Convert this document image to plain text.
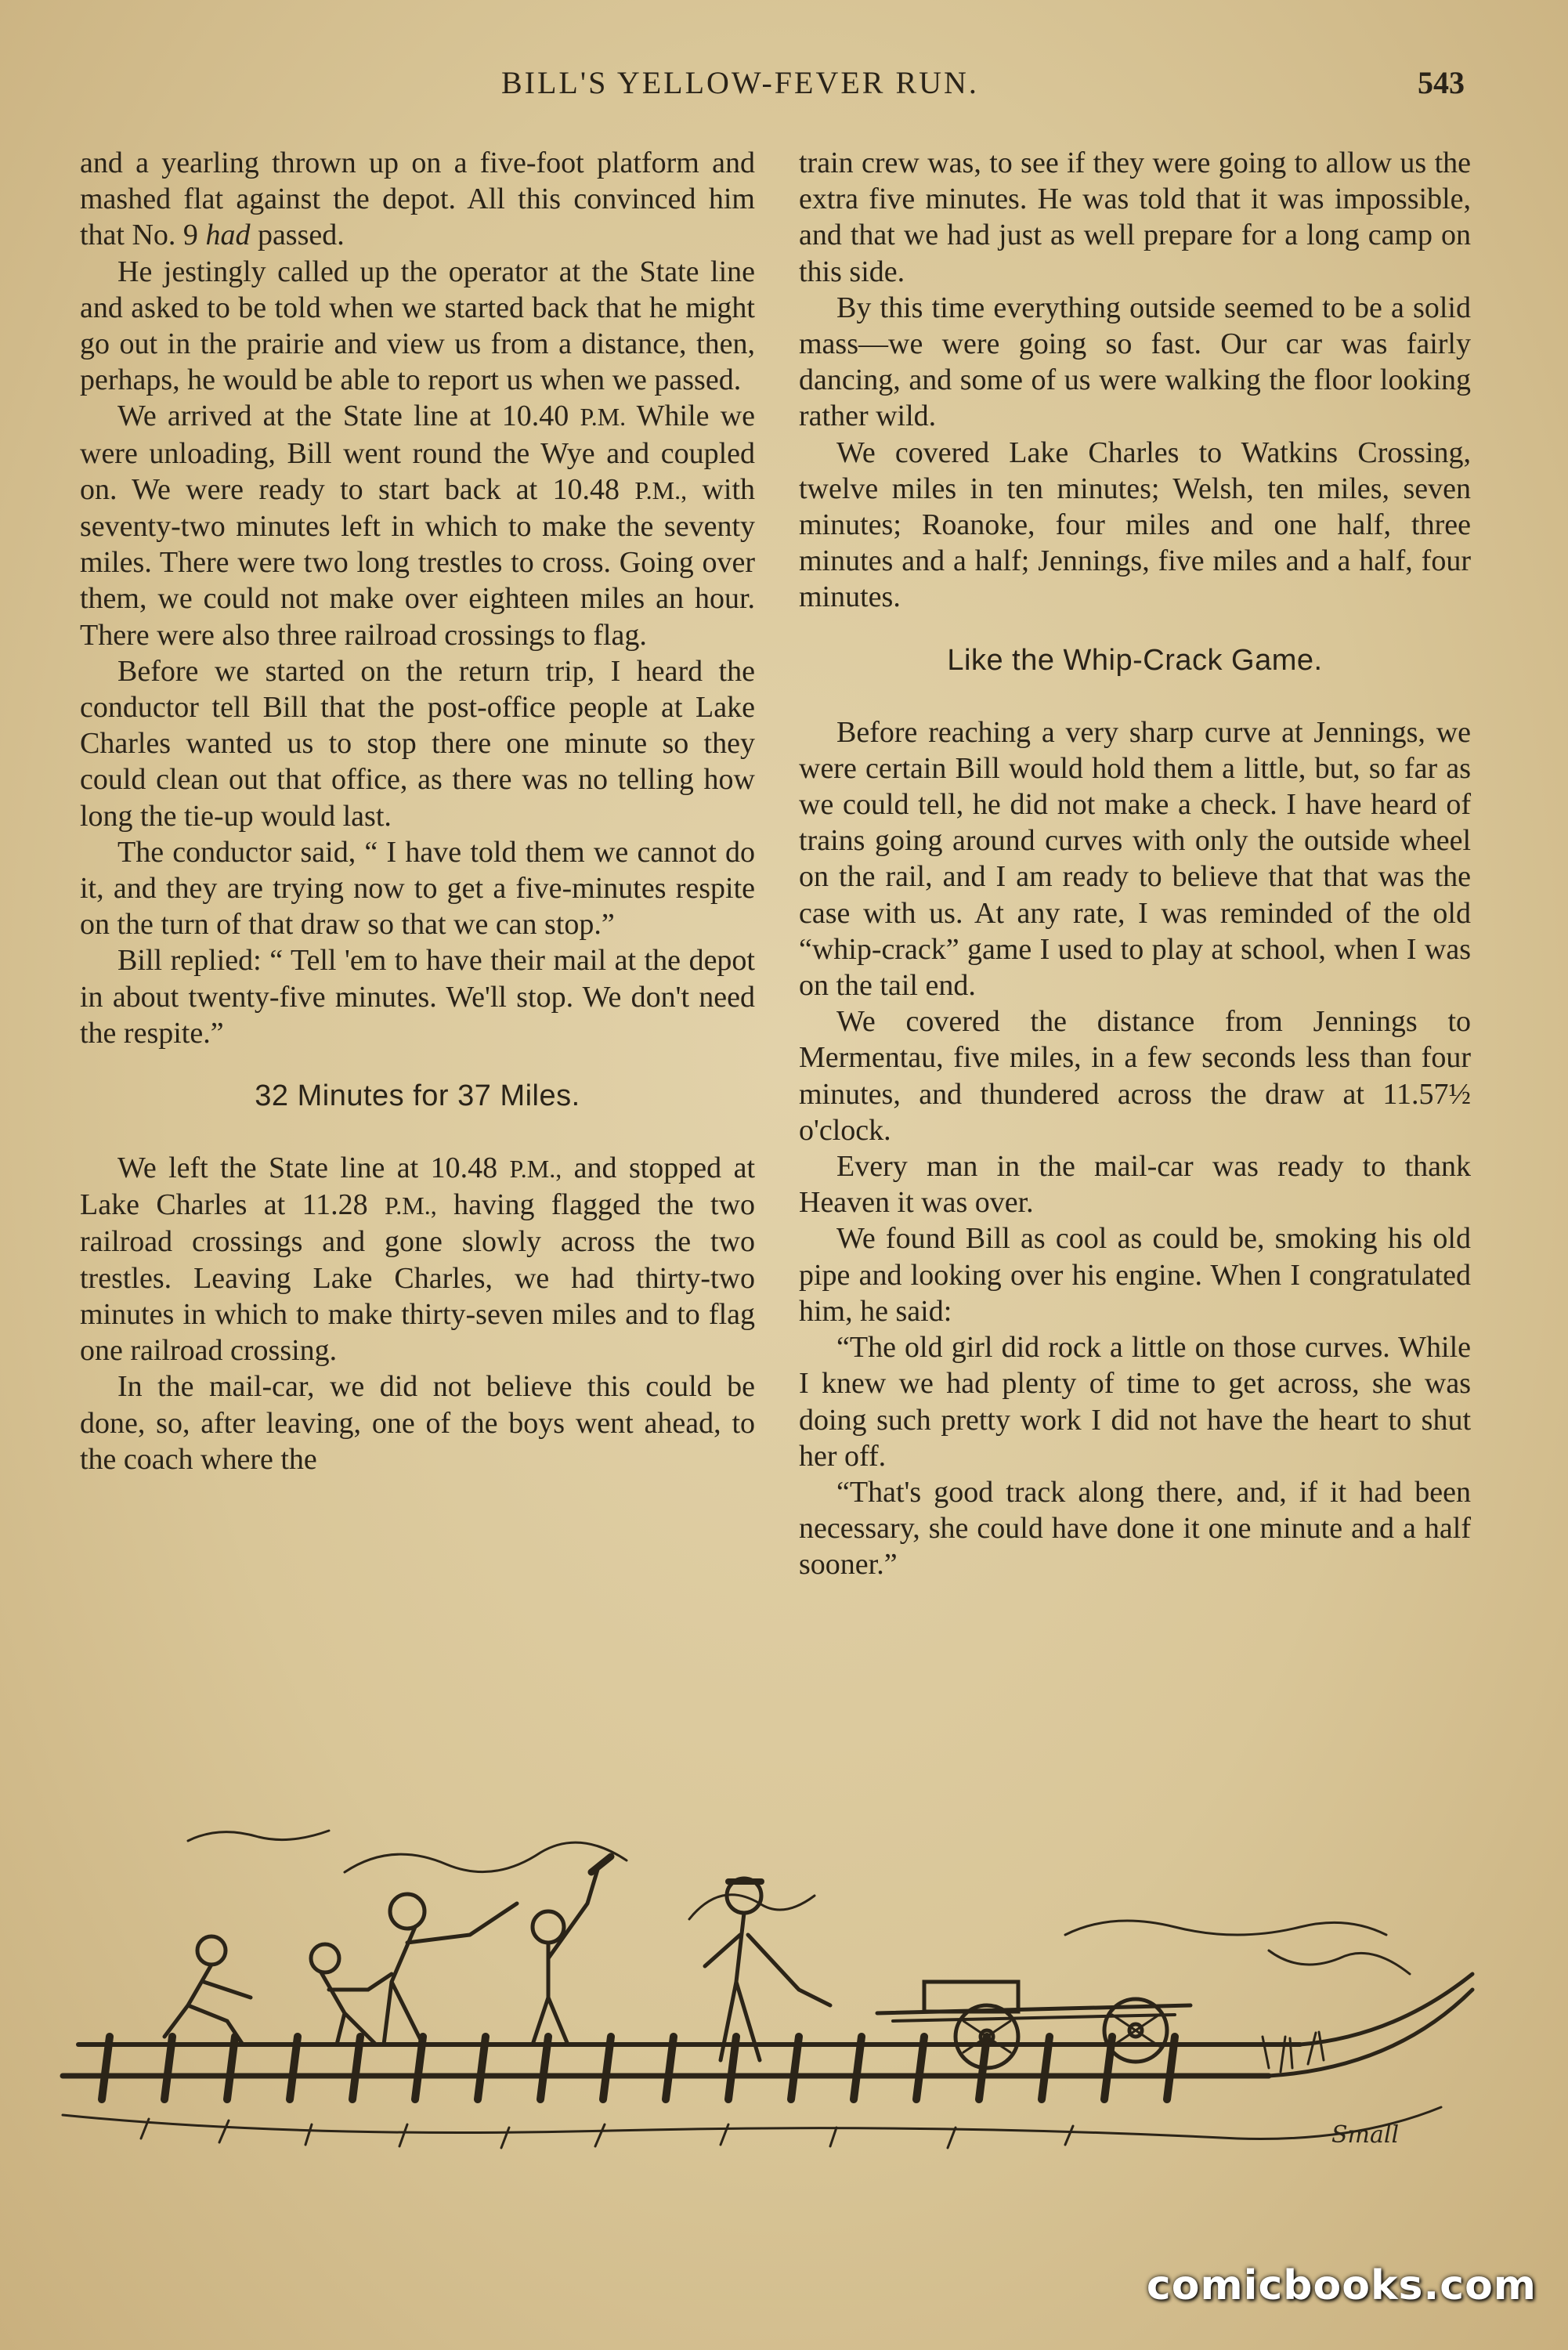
BILL'S YELLOW-FEVER RUN.	543

and a yearling thrown up on a five-foot platform and mashed flat against the depot. All this convinced him that No. 9 had passed.

He jestingly called up the operator at the State line and asked to be told when we started back that he might go out in the prairie and view us from a distance, then, perhaps, he would be able to report us when we passed.

We arrived at the State line at 10.40 P.M. While we were unloading, Bill went round the Wye and coupled on. We were ready to start back at 10.48 P.M., with seventy-two minutes left in which to make the seventy miles. There were two long trestles to cross. Going over them, we could not make over eighteen miles an hour. There were also three railroad crossings to flag.

Before we started on the return trip, I heard the conductor tell Bill that the post-office people at Lake Charles wanted us to stop there one minute so they could clean out that office, as there was no telling how long the tie-up would last.

The conductor said, “ I have told them we cannot do it, and they are trying now to get a five-minutes respite on the turn of that draw so that we can stop.”

Bill replied: “ Tell 'em to have their mail at the depot in about twenty-five minutes. We'll stop. We don't need the respite.”

32 Minutes for 37 Miles.

We left the State line at 10.48 P.M., and stopped at Lake Charles at 11.28 P.M., having flagged the two railroad crossings and gone slowly across the two trestles. Leaving Lake Charles, we had thirty-two minutes in which to make thirty-seven miles and to flag one railroad crossing.

In the mail-car, we did not believe this could be done, so, after leaving, one of the boys went ahead, to the coach where the

train crew was, to see if they were going to allow us the extra five minutes. He was told that it was impossible, and that we had just as well prepare for a long camp on this side.

By this time everything outside seemed to be a solid mass—we were going so fast. Our car was fairly dancing, and some of us were walking the floor looking rather wild.

We covered Lake Charles to Watkins Crossing, twelve miles in ten minutes; Welsh, ten miles, seven minutes; Roanoke, four miles and one half, three minutes and a half; Jennings, five miles and a half, four minutes.

Like the Whip-Crack Game.

Before reaching a very sharp curve at Jennings, we were certain Bill would hold them a little, but, so far as we could tell, he did not make a check. I have heard of trains going around curves with only the outside wheel on the rail, and I am ready to believe that that was the case with us. At any rate, I was reminded of the old “whip-crack” game I used to play at school, when I was on the tail end.

We covered the distance from Jennings to Mermentau, five miles, in a few seconds less than four minutes, and thundered across the draw at 11.57½ o'clock.

Every man in the mail-car was ready to thank Heaven it was over.

We found Bill as cool as could be, smoking his old pipe and looking over his engine. When I congratulated him, he said:

“The old girl did rock a little on those curves. While I knew we had plenty of time to get across, she was doing such pretty work I did not have the heart to shut her off.

“That's good track along there, and, if it had been necessary, she could have done it one minute and a half sooner.”

Small
comicbooks.com
